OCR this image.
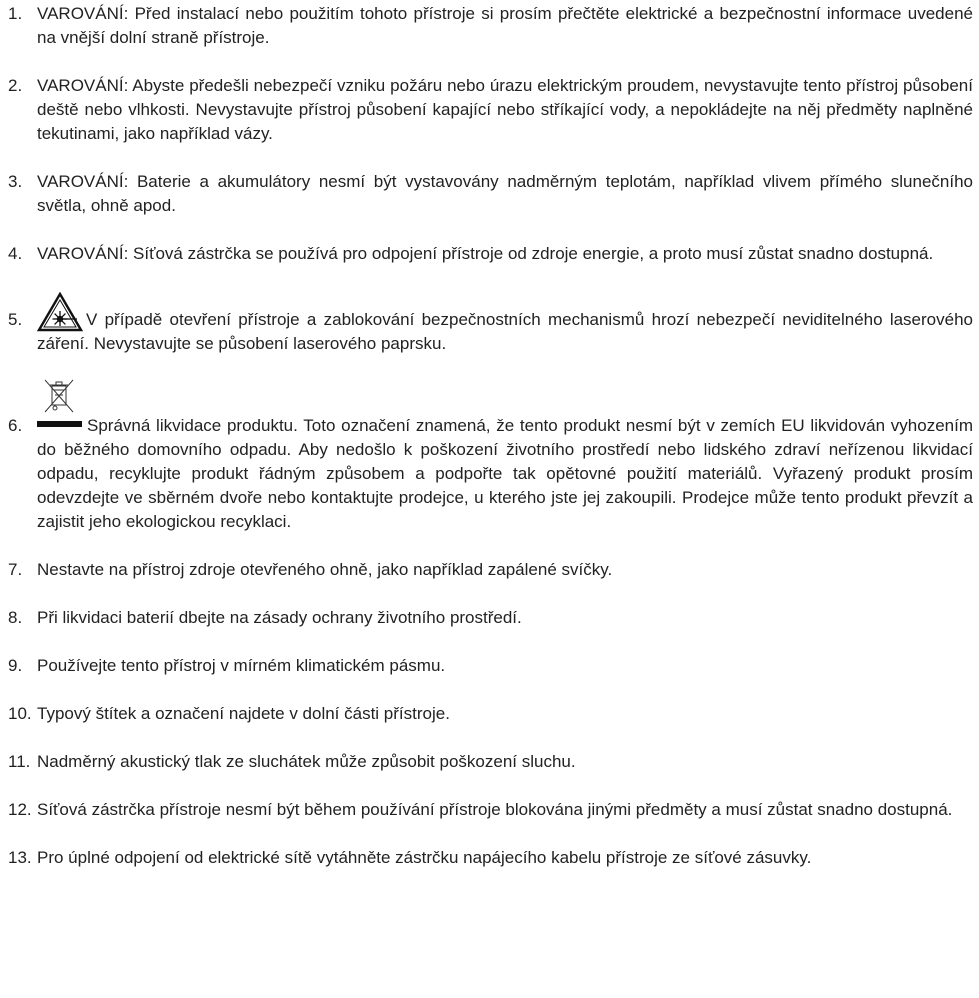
1. VAROVÁNÍ: Před instalací nebo použitím tohoto přístroje si prosím přečtěte elektrické a bezpečnostní informace uvedené na vnější dolní straně přístroje.

2. VAROVÁNÍ: Abyste předešli nebezpečí vzniku požáru nebo úrazu elektrickým proudem, nevystavujte tento přístroj působení deště nebo vlhkosti. Nevystavujte přístroj působení kapající nebo stříkající vody, a nepokládejte na něj předměty naplněné tekutinami, jako například vázy.

3. VAROVÁNÍ: Baterie a akumulátory nesmí být vystavovány nadměrným teplotám, například vlivem přímého slunečního světla, ohně apod.

4. VAROVÁNÍ: Síťová zástrčka se používá pro odpojení přístroje od zdroje energie, a proto musí zůstat snadno dostupná.

5.	V případě otevření přístroje a zablokování bezpečnostních mechanismů hrozí nebezpečí neviditelného laserového záření. Nevystavujte se působení laserového paprsku.

6.	Správná likvidace produktu. Toto označení znamená, že tento produkt nesmí být v zemích EU likvidován vyhozením do běžného domovního odpadu. Aby nedošlo k poškození životního prostředí nebo lidského zdraví neřízenou likvidací odpadu, recyklujte produkt řádným způsobem a podpořte tak opětovné použití materiálů. Vyřazený produkt prosím odevzdejte ve sběrném dvoře nebo kontaktujte prodejce, u kterého jste jej zakoupili. Prodejce může tento produkt převzít a zajistit jeho ekologickou recyklaci.

7. Nestavte na přístroj zdroje otevřeného ohně, jako například zapálené svíčky.

8. Při likvidaci baterií dbejte na zásady ochrany životního prostředí.

9. Používejte tento přístroj v mírném klimatickém pásmu.

10. Typový štítek a označení najdete v dolní části přístroje.

11. Nadměrný akustický tlak ze sluchátek může způsobit poškození sluchu.

12. Síťová zástrčka přístroje nesmí být během používání přístroje blokována jinými předměty a musí zůstat snadno dostupná.

13. Pro úplné odpojení od elektrické sítě vytáhněte zástrčku napájecího kabelu přístroje ze síťové zásuvky.
